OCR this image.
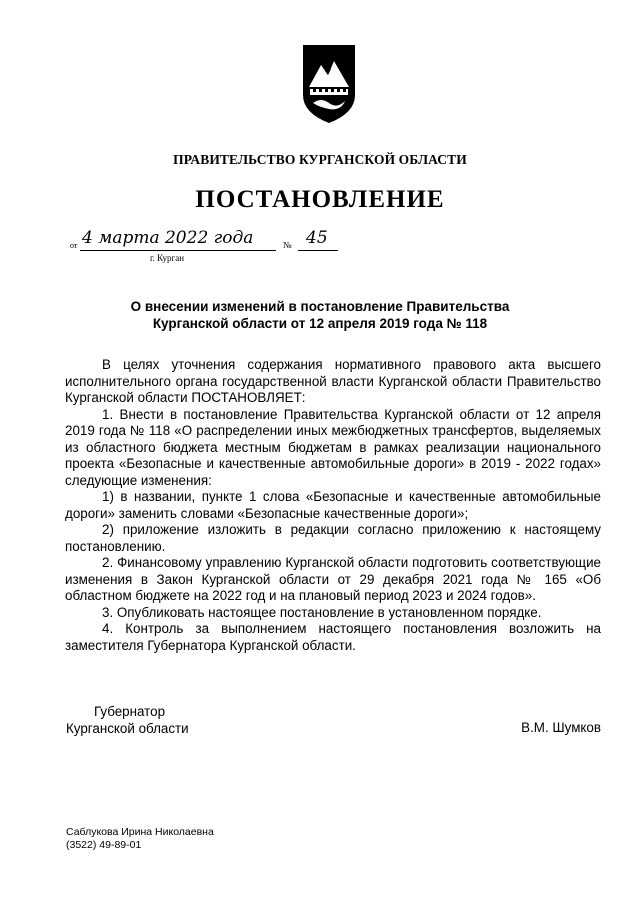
ПРАВИТЕЛЬСТВО КУРГАНСКОЙ ОБЛАСТИ
ПОСТАНОВЛЕНИЕ
от 4 марта 2022 года	№ 45
г. Курган
О внесении изменений в постановление Правительства
Курганской области от 12 апреля 2019 года № 118

В целях уточнения содержания нормативного правового акта высшего исполнительного органа государственной власти Курганской области Правительство Курганской области ПОСТАНОВЛЯЕТ:

1. Внести в постановление Правительства Курганской области от 12 апреля 2019 года № 118 «О распределении иных межбюджетных трансфертов, выделяемых из областного бюджета местным бюджетам в рамках реализации национального проекта «Безопасные и качественные автомобильные дороги» в 2019 - 2022 годах» следующие изменения:

1) в названии, пункте 1 слова «Безопасные и качественные автомобильные дороги» заменить словами «Безопасные качественные дороги»;

2) приложение изложить в редакции согласно приложению к настоящему постановлению.

2. Финансовому управлению Курганской области подготовить соответствующие изменения в Закон Курганской области от 29 декабря 2021 года № 165 «Об областном бюджете на 2022 год и на плановый период 2023 и 2024 годов».

3. Опубликовать настоящее постановление в установленном порядке.

4. Контроль за выполнением настоящего постановления возложить на заместителя Губернатора Курганской области.

Губернатор
Курганской области	В.М. Шумков
Саблукова Ирина Николаевна
(3522) 49-89-01
